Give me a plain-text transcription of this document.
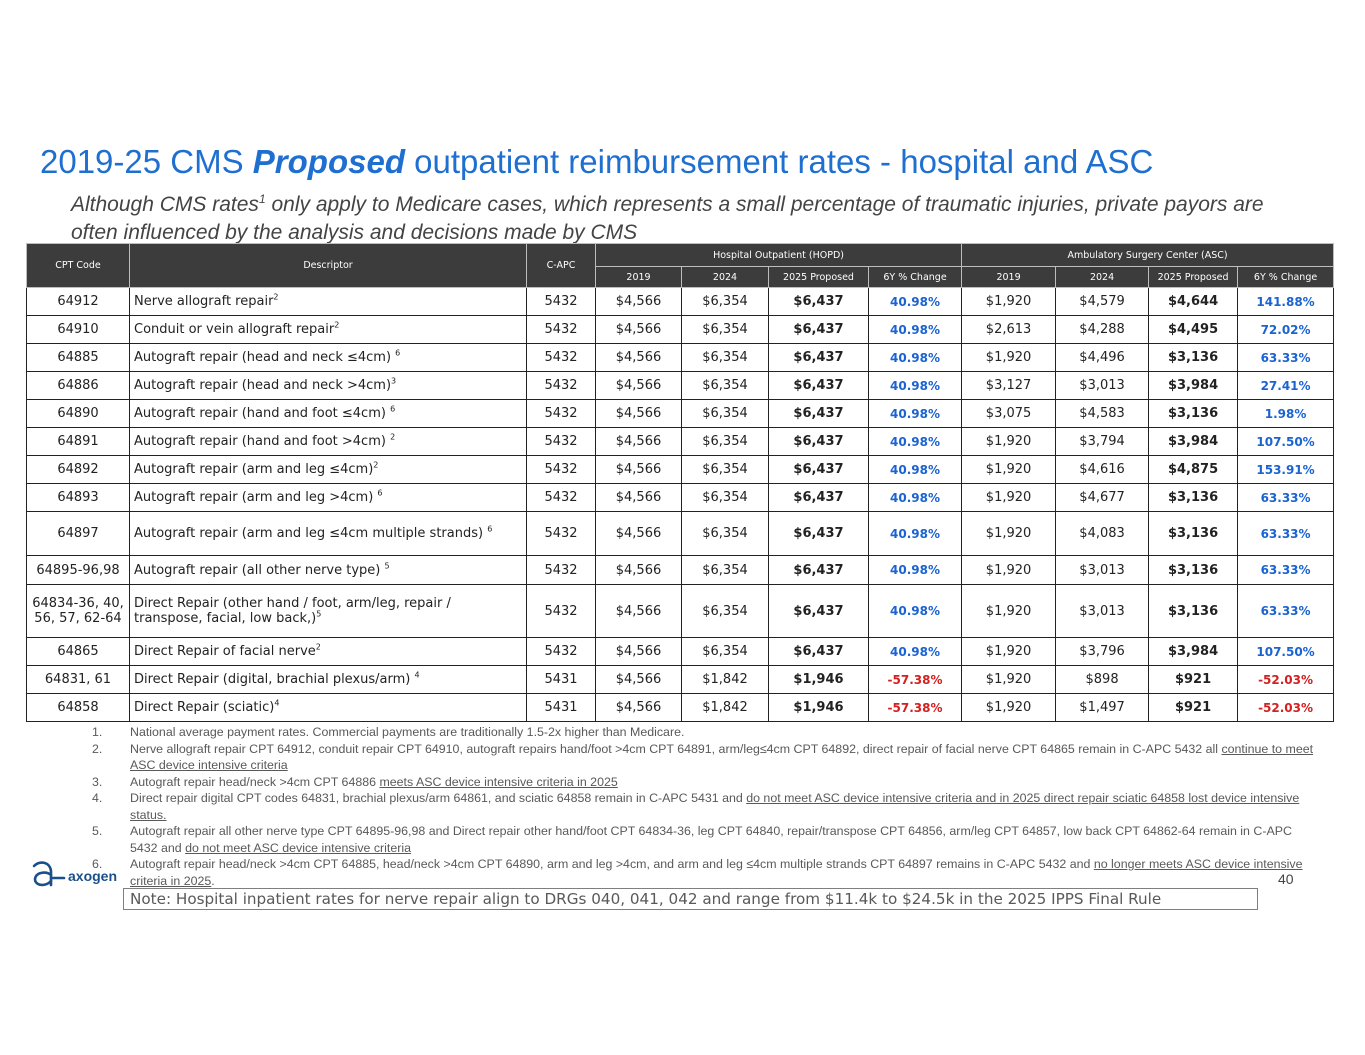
2019-25 CMS Proposed outpatient reimbursement rates - hospital and ASC
Although CMS rates$^1$ only apply to Medicare cases, which represents a small percentage of traumatic injuries, private payors are often influenced by the analysis and decisions made by CMS
CPT Code	Descriptor	C-APC	Hospital Outpatient (HOPD)				Ambulatory Surgery Center (ASC)			
			2019	2024	2025 Proposed	6Y % Change	2019	2024	2025 Proposed	6Y % Change
64912	Nerve allograft repair$^2$	5432	$4,566	$6,354	$6,437	40.98%	$1,920	$4,579	$4,644	141.88%
64910	Conduit or vein allograft repair$^2$	5432	$4,566	$6,354	$6,437	40.98%	$2,613	$4,288	$4,495	72.02%
64885	Autograft repair (head and neck ≤4cm) $^6$	5432	$4,566	$6,354	$6,437	40.98%	$1,920	$4,496	$3,136	63.33%
64886	Autograft repair (head and neck >4cm)$^3$	5432	$4,566	$6,354	$6,437	40.98%	$3,127	$3,013	$3,984	27.41%
64890	Autograft repair (hand and foot ≤4cm) $^6$	5432	$4,566	$6,354	$6,437	40.98%	$3,075	$4,583	$3,136	1.98%
64891	Autograft repair (hand and foot >4cm) $^2$	5432	$4,566	$6,354	$6,437	40.98%	$1,920	$3,794	$3,984	107.50%
64892	Autograft repair (arm and leg ≤4cm)$^2$	5432	$4,566	$6,354	$6,437	40.98%	$1,920	$4,616	$4,875	153.91%
64893	Autograft repair (arm and leg >4cm) $^6$	5432	$4,566	$6,354	$6,437	40.98%	$1,920	$4,677	$3,136	63.33%
64897	Autograft repair (arm and leg ≤4cm multiple strands) $^6$	5432	$4,566	$6,354	$6,437	40.98%	$1,920	$4,083	$3,136	63.33%
64895-96,98	Autograft repair (all other nerve type) $^5$	5432	$4,566	$6,354	$6,437	40.98%	$1,920	$3,013	$3,136	63.33%
64834-36, 40, 56, 57, 62-64	Direct Repair (other hand / foot, arm/leg, repair / transpose, facial, low back,)$^5$	5432	$4,566	$6,354	$6,437	40.98%	$1,920	$3,013	$3,136	63.33%
64865	Direct Repair of facial nerve$^2$	5432	$4,566	$6,354	$6,437	40.98%	$1,920	$3,796	$3,984	107.50%
64831, 61	Direct Repair (digital, brachial plexus/arm) $^4$	5431	$4,566	$1,842	$1,946	-57.38%	$1,920	$898	$921	-52.03%
64858	Direct Repair (sciatic)$^4$	5431	$4,566	$1,842	$1,946	-57.38%	$1,920	$1,497	$921	-52.03%
1. National average payment rates. Commercial payments are traditionally 1.5-2x higher than Medicare.
2. Nerve allograft repair CPT 64912, conduit repair CPT 64910, autograft repairs hand/foot >4cm CPT 64891, arm/leg≤4cm CPT 64892, direct repair of facial nerve CPT 64865 remain in C-APC 5432 all continue to meet ASC device intensive criteria
3. Autograft repair head/neck >4cm CPT 64886 meets ASC device intensive criteria in 2025
4. Direct repair digital CPT codes 64831, brachial plexus/arm 64861, and sciatic 64858 remain in C-APC 5431 and do not meet ASC device intensive criteria and in 2025 direct repair sciatic 64858 lost device intensive status.
5. Autograft repair all other nerve type CPT 64895-96,98 and Direct repair other hand/foot CPT 64834-36, leg CPT 64840, repair/transpose CPT 64856, arm/leg CPT 64857, low back CPT 64862-64 remain in C-APC 5432 and do not meet ASC device intensive criteria
6. Autograft repair head/neck >4cm CPT 64885, head/neck >4cm CPT 64890, arm and leg >4cm, and arm and leg ≤4cm multiple strands CPT 64897 remains in C-APC 5432 and no longer meets ASC device intensive criteria in 2025.
axogen	40
Note: Hospital inpatient rates for nerve repair align to DRGs 040, 041, 042 and range from $11.4k to $24.5k in the 2025 IPPS Final Rule
